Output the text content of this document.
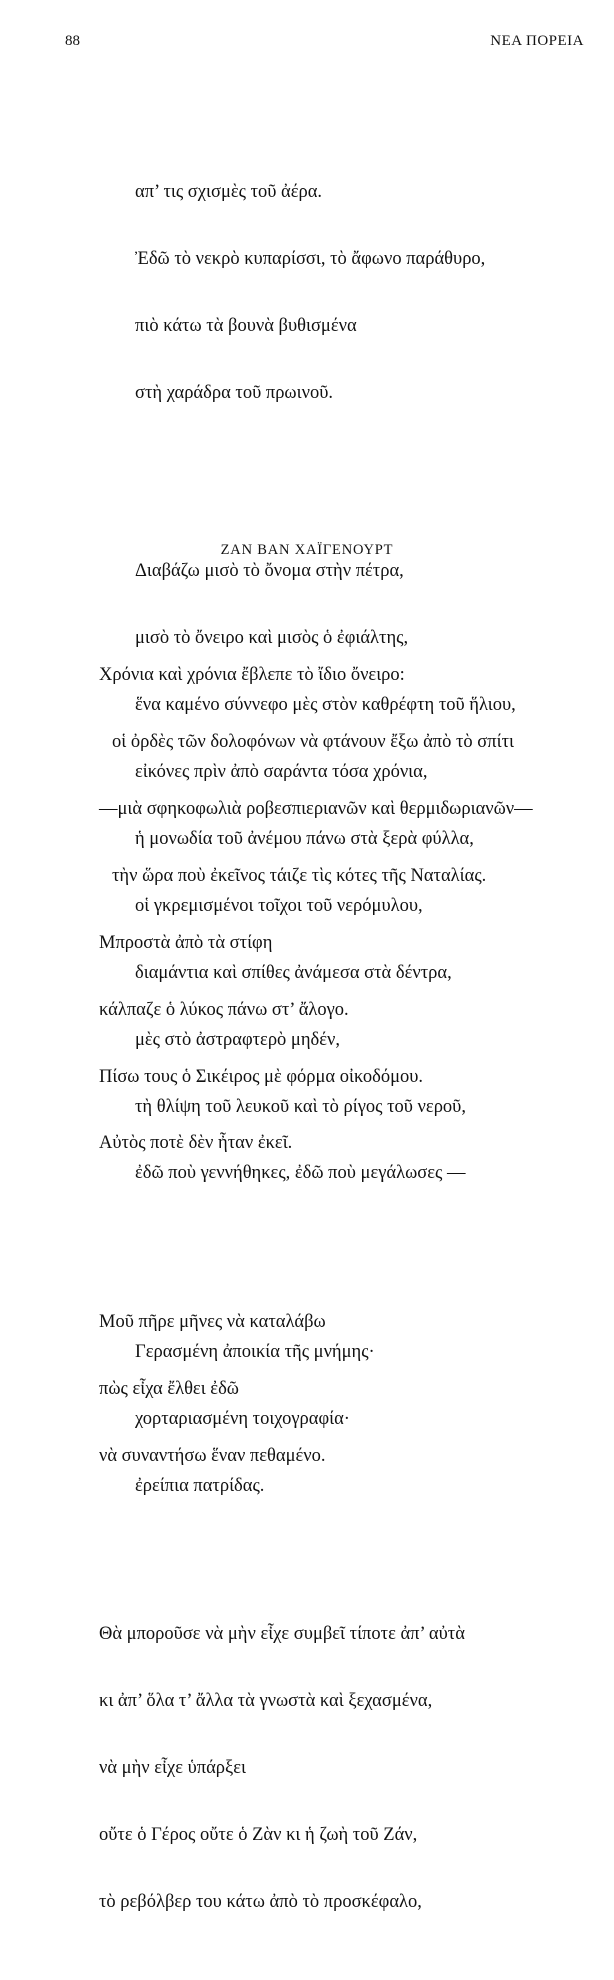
88	ΝΕΑ ΠΟΡΕΙΑ

απ’ τις σχισμὲς τοῦ ἀέρα.

Ἐδῶ τὸ νεκρὸ κυπαρίσσι, τὸ ἄφωνο παράθυρο,

πιὸ κάτω τὰ βουνὰ βυθισμένα

στὴ χαράδρα τοῦ πρωινοῦ.

Διαβάζω μισὸ τὸ ὄνομα στὴν πέτρα,

μισὸ τὸ ὄνειρο καὶ μισὸς ὁ ἐφιάλτης,

ἕνα καμένο σύννεφο μὲς στὸν καθρέφτη τοῦ ἥλιου,

εἰκόνες πρὶν ἀπὸ σαράντα τόσα χρόνια,

ἡ μονωδία τοῦ ἀνέμου πάνω στὰ ξερὰ φύλλα,

οἱ γκρεμισμένοι τοῖχοι τοῦ νερόμυλου,

διαμάντια καὶ σπίθες ἀνάμεσα στὰ δέντρα,

μὲς στὸ ἀστραφτερὸ μηδέν,

τὴ θλίψη τοῦ λευκοῦ καὶ τὸ ρίγος τοῦ νεροῦ,

ἐδῶ ποὺ γεννήθηκες, ἐδῶ ποὺ μεγάλωσες —

Γερασμένη ἀποικία τῆς μνήμης·

χορταριασμένη τοιχογραφία·

ἐρείπια πατρίδας.

ΖΑΝ ΒΑΝ ΧΑΪΓΕΝΟΥΡΤ

Χρόνια καὶ χρόνια ἔβλεπε τὸ ἴδιο ὄνειρο:

οἱ ὀρδὲς τῶν δολοφόνων νὰ φτάνουν ἔξω ἀπὸ τὸ σπίτι

—μιὰ σφηκοφωλιὰ ροβεσπιεριανῶν καὶ θερμιδωριανῶν—

τὴν ὥρα ποὺ ἐκεῖνος τάιζε τὶς κότες τῆς Ναταλίας.

Μπροστὰ ἀπὸ τὰ στίφη

κάλπαζε ὁ λύκος πάνω στ’ ἄλογο.

Πίσω τους ὁ Σικέιρος μὲ φόρμα οἰκοδόμου.

Αὐτὸς ποτὲ δὲν ἦταν ἐκεῖ.

Μοῦ πῆρε μῆνες νὰ καταλάβω

πὼς εἶχα ἔλθει ἐδῶ

νὰ συναντήσω ἕναν πεθαμένο.

Θὰ μποροῦσε νὰ μὴν εἶχε συμβεῖ τίποτε ἀπ’ αὐτὰ

κι ἀπ’ ὅλα τ’ ἄλλα τὰ γνωστὰ καὶ ξεχασμένα,

νὰ μὴν εἶχε ὑπάρξει

οὔτε ὁ Γέρος οὔτε ὁ Ζὰν κι ἡ ζωὴ τοῦ Ζάν,

τὸ ρεβόλβερ του κάτω ἀπὸ τὸ προσκέφαλο,
